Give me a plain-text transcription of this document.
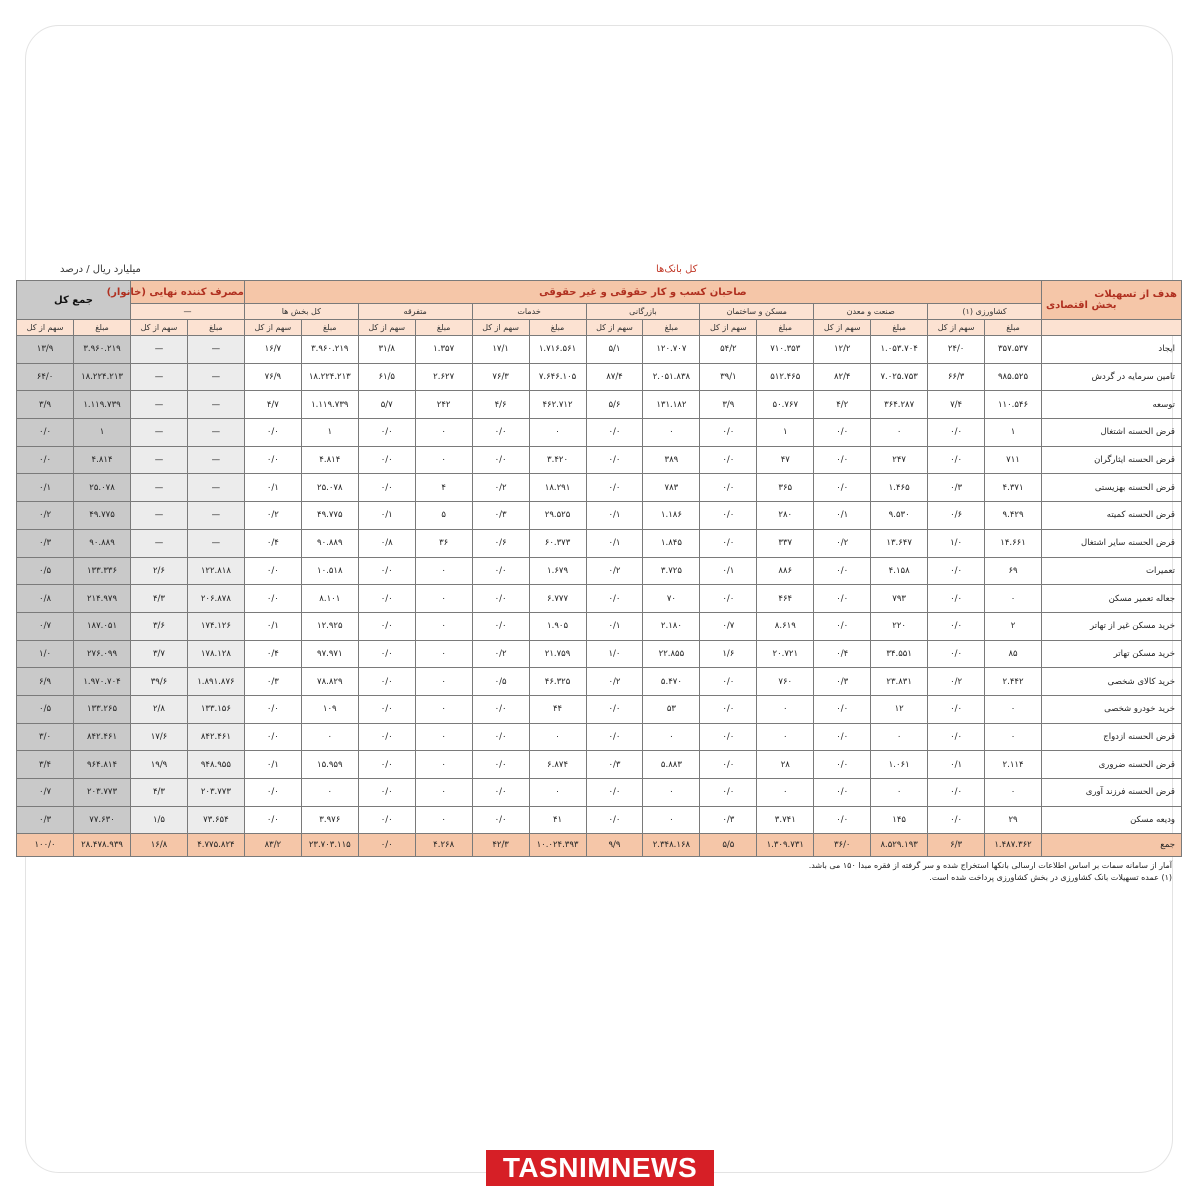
میلیارد ریال / درصد	کل بانک‌ها
هدف از تسهیلات
بخش اقتصادی	صاحبان کسب و کار حقوقی و غیر حقوقی														مصرف کننده نهایی (خانوار)		جمع کل	
	کشاورزی (۱)		صنعت و معدن		مسکن و ساختمان		بازرگانی		خدمات		متفرقه		کل بخش ها		—			
	مبلغ	سهم از کل	مبلغ	سهم از کل	مبلغ	سهم از کل	مبلغ	سهم از کل	مبلغ	سهم از کل	مبلغ	سهم از کل	مبلغ	سهم از کل	مبلغ	سهم از کل	مبلغ	سهم از کل
ایجاد	۳۵۷.۵۳۷	۲۴/۰	۱.۰۵۳.۷۰۴	۱۲/۲	۷۱۰.۳۵۳	۵۴/۲	۱۲۰.۷۰۷	۵/۱	۱.۷۱۶.۵۶۱	۱۷/۱	۱.۳۵۷	۳۱/۸	۳.۹۶۰.۲۱۹	۱۶/۷	—	—	۳.۹۶۰.۲۱۹	۱۳/۹
تامین سرمایه در گردش	۹۸۵.۵۲۵	۶۶/۳	۷.۰۲۵.۷۵۳	۸۲/۴	۵۱۲.۴۶۵	۳۹/۱	۲.۰۵۱.۸۳۸	۸۷/۴	۷.۶۴۶.۱۰۵	۷۶/۳	۲.۶۲۷	۶۱/۵	۱۸.۲۲۴.۲۱۳	۷۶/۹	—	—	۱۸.۲۲۴.۲۱۳	۶۴/۰
توسعه	۱۱۰.۵۴۶	۷/۴	۳۶۴.۲۸۷	۴/۲	۵۰.۷۶۷	۳/۹	۱۳۱.۱۸۲	۵/۶	۴۶۲.۷۱۲	۴/۶	۲۴۲	۵/۷	۱.۱۱۹.۷۳۹	۴/۷	—	—	۱.۱۱۹.۷۳۹	۳/۹
قرض الحسنه اشتغال	۱	۰/۰	۰	۰/۰	۱	۰/۰	۰	۰/۰	۰	۰/۰	۰	۰/۰	۱	۰/۰	—	—	۱	۰/۰
قرض الحسنه ایثارگران	۷۱۱	۰/۰	۲۴۷	۰/۰	۴۷	۰/۰	۳۸۹	۰/۰	۳.۴۲۰	۰/۰	۰	۰/۰	۴.۸۱۴	۰/۰	—	—	۴.۸۱۴	۰/۰
قرض الحسنه بهزیستی	۴.۳۷۱	۰/۳	۱.۴۶۵	۰/۰	۳۶۵	۰/۰	۷۸۳	۰/۰	۱۸.۲۹۱	۰/۲	۴	۰/۰	۲۵.۰۷۸	۰/۱	—	—	۲۵.۰۷۸	۰/۱
قرض الحسنه کمیته	۹.۴۲۹	۰/۶	۹.۵۳۰	۰/۱	۲۸۰	۰/۰	۱.۱۸۶	۰/۱	۲۹.۵۲۵	۰/۳	۵	۰/۱	۴۹.۷۷۵	۰/۲	—	—	۴۹.۷۷۵	۰/۲
قرض الحسنه سایر اشتغال	۱۴.۶۶۱	۱/۰	۱۳.۶۴۷	۰/۲	۳۳۷	۰/۰	۱.۸۴۵	۰/۱	۶۰.۳۷۳	۰/۶	۳۶	۰/۸	۹۰.۸۸۹	۰/۴	—	—	۹۰.۸۸۹	۰/۳
تعمیرات	۶۹	۰/۰	۴.۱۵۸	۰/۰	۸۸۶	۰/۱	۳.۷۲۵	۰/۲	۱.۶۷۹	۰/۰	۰	۰/۰	۱۰.۵۱۸	۰/۰	۱۲۲.۸۱۸	۲/۶	۱۳۳.۳۳۶	۰/۵
جعاله تعمیر مسکن	۰	۰/۰	۷۹۳	۰/۰	۴۶۴	۰/۰	۷۰	۰/۰	۶.۷۷۷	۰/۰	۰	۰/۰	۸.۱۰۱	۰/۰	۲۰۶.۸۷۸	۴/۳	۲۱۴.۹۷۹	۰/۸
خرید مسکن غیر از تهاتر	۲	۰/۰	۲۲۰	۰/۰	۸.۶۱۹	۰/۷	۲.۱۸۰	۰/۱	۱.۹۰۵	۰/۰	۰	۰/۰	۱۲.۹۲۵	۰/۱	۱۷۴.۱۲۶	۳/۶	۱۸۷.۰۵۱	۰/۷
خرید مسکن تهاتر	۸۵	۰/۰	۳۴.۵۵۱	۰/۴	۲۰.۷۲۱	۱/۶	۲۲.۸۵۵	۱/۰	۲۱.۷۵۹	۰/۲	۰	۰/۰	۹۷.۹۷۱	۰/۴	۱۷۸.۱۲۸	۳/۷	۲۷۶.۰۹۹	۱/۰
خرید کالای شخصی	۲.۴۴۲	۰/۲	۲۳.۸۳۱	۰/۳	۷۶۰	۰/۰	۵.۴۷۰	۰/۲	۴۶.۳۲۵	۰/۵	۰	۰/۰	۷۸.۸۲۹	۰/۳	۱.۸۹۱.۸۷۶	۳۹/۶	۱.۹۷۰.۷۰۴	۶/۹
خرید خودرو شخصی	۰	۰/۰	۱۲	۰/۰	۰	۰/۰	۵۳	۰/۰	۴۴	۰/۰	۰	۰/۰	۱۰۹	۰/۰	۱۳۳.۱۵۶	۲/۸	۱۳۳.۲۶۵	۰/۵
قرض الحسنه ازدواج	۰	۰/۰	۰	۰/۰	۰	۰/۰	۰	۰/۰	۰	۰/۰	۰	۰/۰	۰	۰/۰	۸۴۲.۴۶۱	۱۷/۶	۸۴۲.۴۶۱	۳/۰
قرض الحسنه ضروری	۲.۱۱۴	۰/۱	۱.۰۶۱	۰/۰	۲۸	۰/۰	۵.۸۸۳	۰/۳	۶.۸۷۴	۰/۰	۰	۰/۰	۱۵.۹۵۹	۰/۱	۹۴۸.۹۵۵	۱۹/۹	۹۶۴.۸۱۴	۳/۴
قرض الحسنه فرزند آوری	۰	۰/۰	۰	۰/۰	۰	۰/۰	۰	۰/۰	۰	۰/۰	۰	۰/۰	۰	۰/۰	۲۰۳.۷۷۳	۴/۳	۲۰۳.۷۷۳	۰/۷
ودیعه مسکن	۲۹	۰/۰	۱۴۵	۰/۰	۳.۷۴۱	۰/۳	۰	۰/۰	۴۱	۰/۰	۰	۰/۰	۳.۹۷۶	۰/۰	۷۳.۶۵۴	۱/۵	۷۷.۶۳۰	۰/۳
جمع	۱.۴۸۷.۳۶۲	۶/۳	۸.۵۲۹.۱۹۳	۳۶/۰	۱.۳۰۹.۷۳۱	۵/۵	۲.۳۴۸.۱۶۸	۹/۹	۱۰.۰۲۴.۳۹۳	۴۲/۳	۴.۲۶۸	۰/۰	۲۳.۷۰۳.۱۱۵	۸۳/۲	۴.۷۷۵.۸۲۴	۱۶/۸	۲۸.۴۷۸.۹۳۹	۱۰۰/۰
آمار از سامانه سمات بر اساس اطلاعات ارسالی بانکها استخراج شده و سر گرفته از فقره مبدا ۱۵۰ می باشد.
(۱) عمده تسهیلات بانک کشاورزی در بخش کشاورزی پرداخت شده است.
TASNIMNEWS
